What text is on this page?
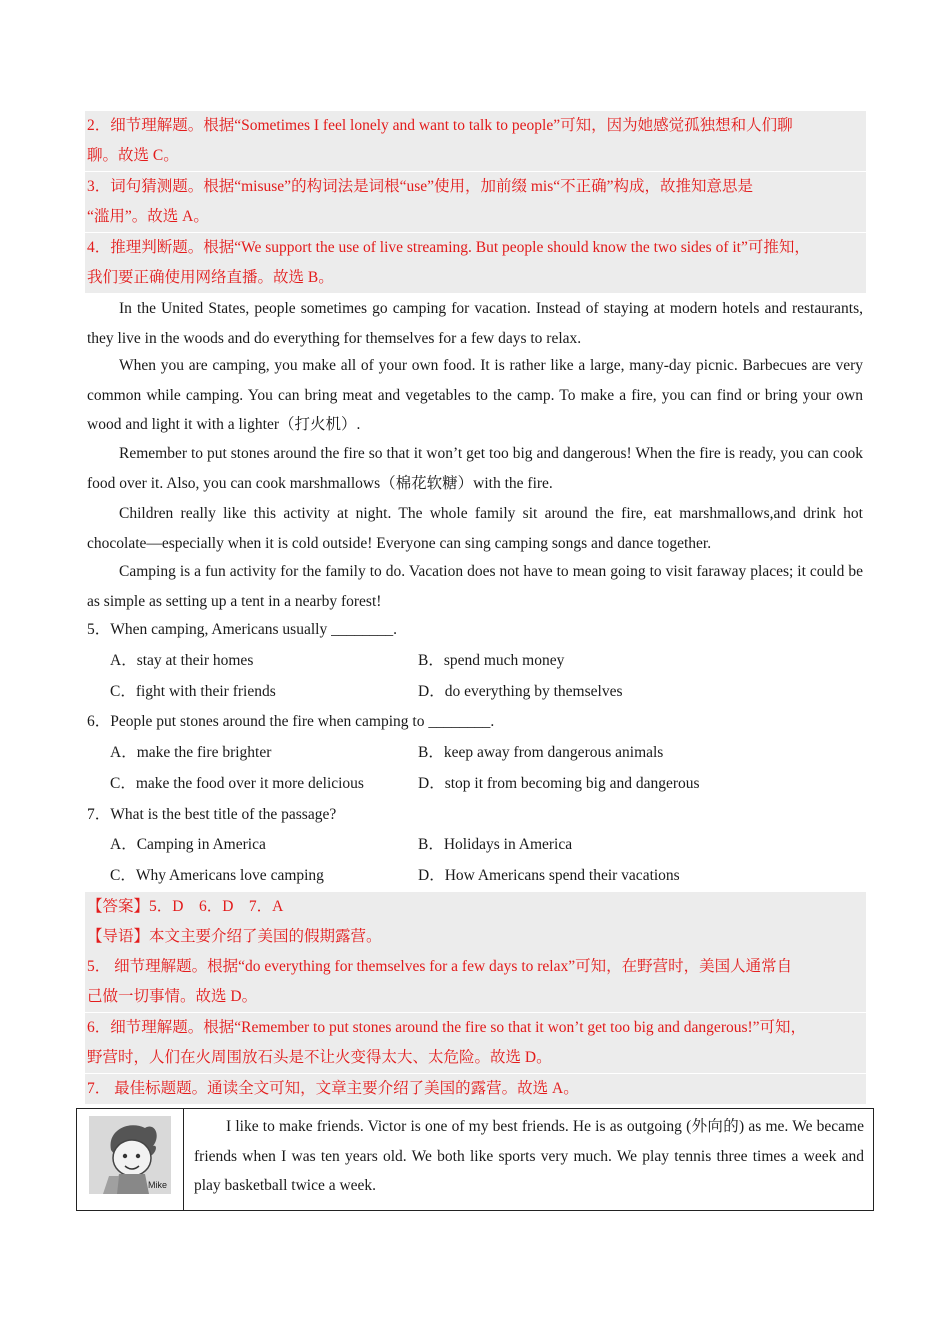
2．细节理解题。根据“Sometimes I feel lonely and want to talk to people”可知，因为她感觉孤独想和人们聊
聊。故选 C。
3．词句猜测题。根据“misuse”的构词法是词根“use”使用，加前缀 mis“不正确”构成，故推知意思是
“滥用”。故选 A。
4．推理判断题。根据“We support the use of live streaming. But people should know the two sides of it”可推知，
我们要正确使用网络直播。故选 B。
In the United States, people sometimes go camping for vacation. Instead of staying at modern hotels and restaurants, they live in the woods and do everything for themselves for a few days to relax.
When you are camping, you make all of your own food. It is rather like a large, many-day picnic. Barbecues are very common while camping. You can bring meat and vegetables to the camp. To make a fire, you can find or bring your own wood and light it with a lighter（打火机）.
Remember to put stones around the fire so that it won’t get too big and dangerous! When the fire is ready, you can cook food over it. Also, you can cook marshmallows（棉花软糖）with the fire.
Children really like this activity at night. The whole family sit around the fire, eat marshmallows,and drink hot chocolate—especially when it is cold outside! Everyone can sing camping songs and dance together.
Camping is a fun activity for the family to do. Vacation does not have to mean going to visit faraway places; it could be as simple as setting up a tent in a nearby forest!
5．When camping, Americans usually ________.
A．stay at their homes	B．spend much money
C．fight with their friends	D．do everything by themselves
6．People put stones around the fire when camping to ________.
A．make the fire brighter	B．keep away from dangerous animals
C．make the food over it more delicious	D．stop it from becoming big and dangerous
7．What is the best title of the passage?
A．Camping in America	B．Holidays in America
C．Why Americans love camping	D．How Americans spend their vacations
【答案】5．D　6．D　7．A
【导语】本文主要介绍了美国的假期露营。
5． 细节理解题。根据“do everything for themselves for a few days to relax”可知，在野营时，美国人通常自
己做一切事情。故选 D。
6．细节理解题。根据“Remember to put stones around the fire so that it won’t get too big and dangerous!”可知，
野营时，人们在火周围放石头是不让火变得太大、太危险。故选 D。
7． 最佳标题题。通读全文可知，文章主要介绍了美国的露营。故选 A。
Mike
I like to make friends. Victor is one of my best friends. He is as outgoing (外向的) as me. We became friends when I was ten years old. We both like sports very much. We play tennis three times a week and play basketball twice a week.
